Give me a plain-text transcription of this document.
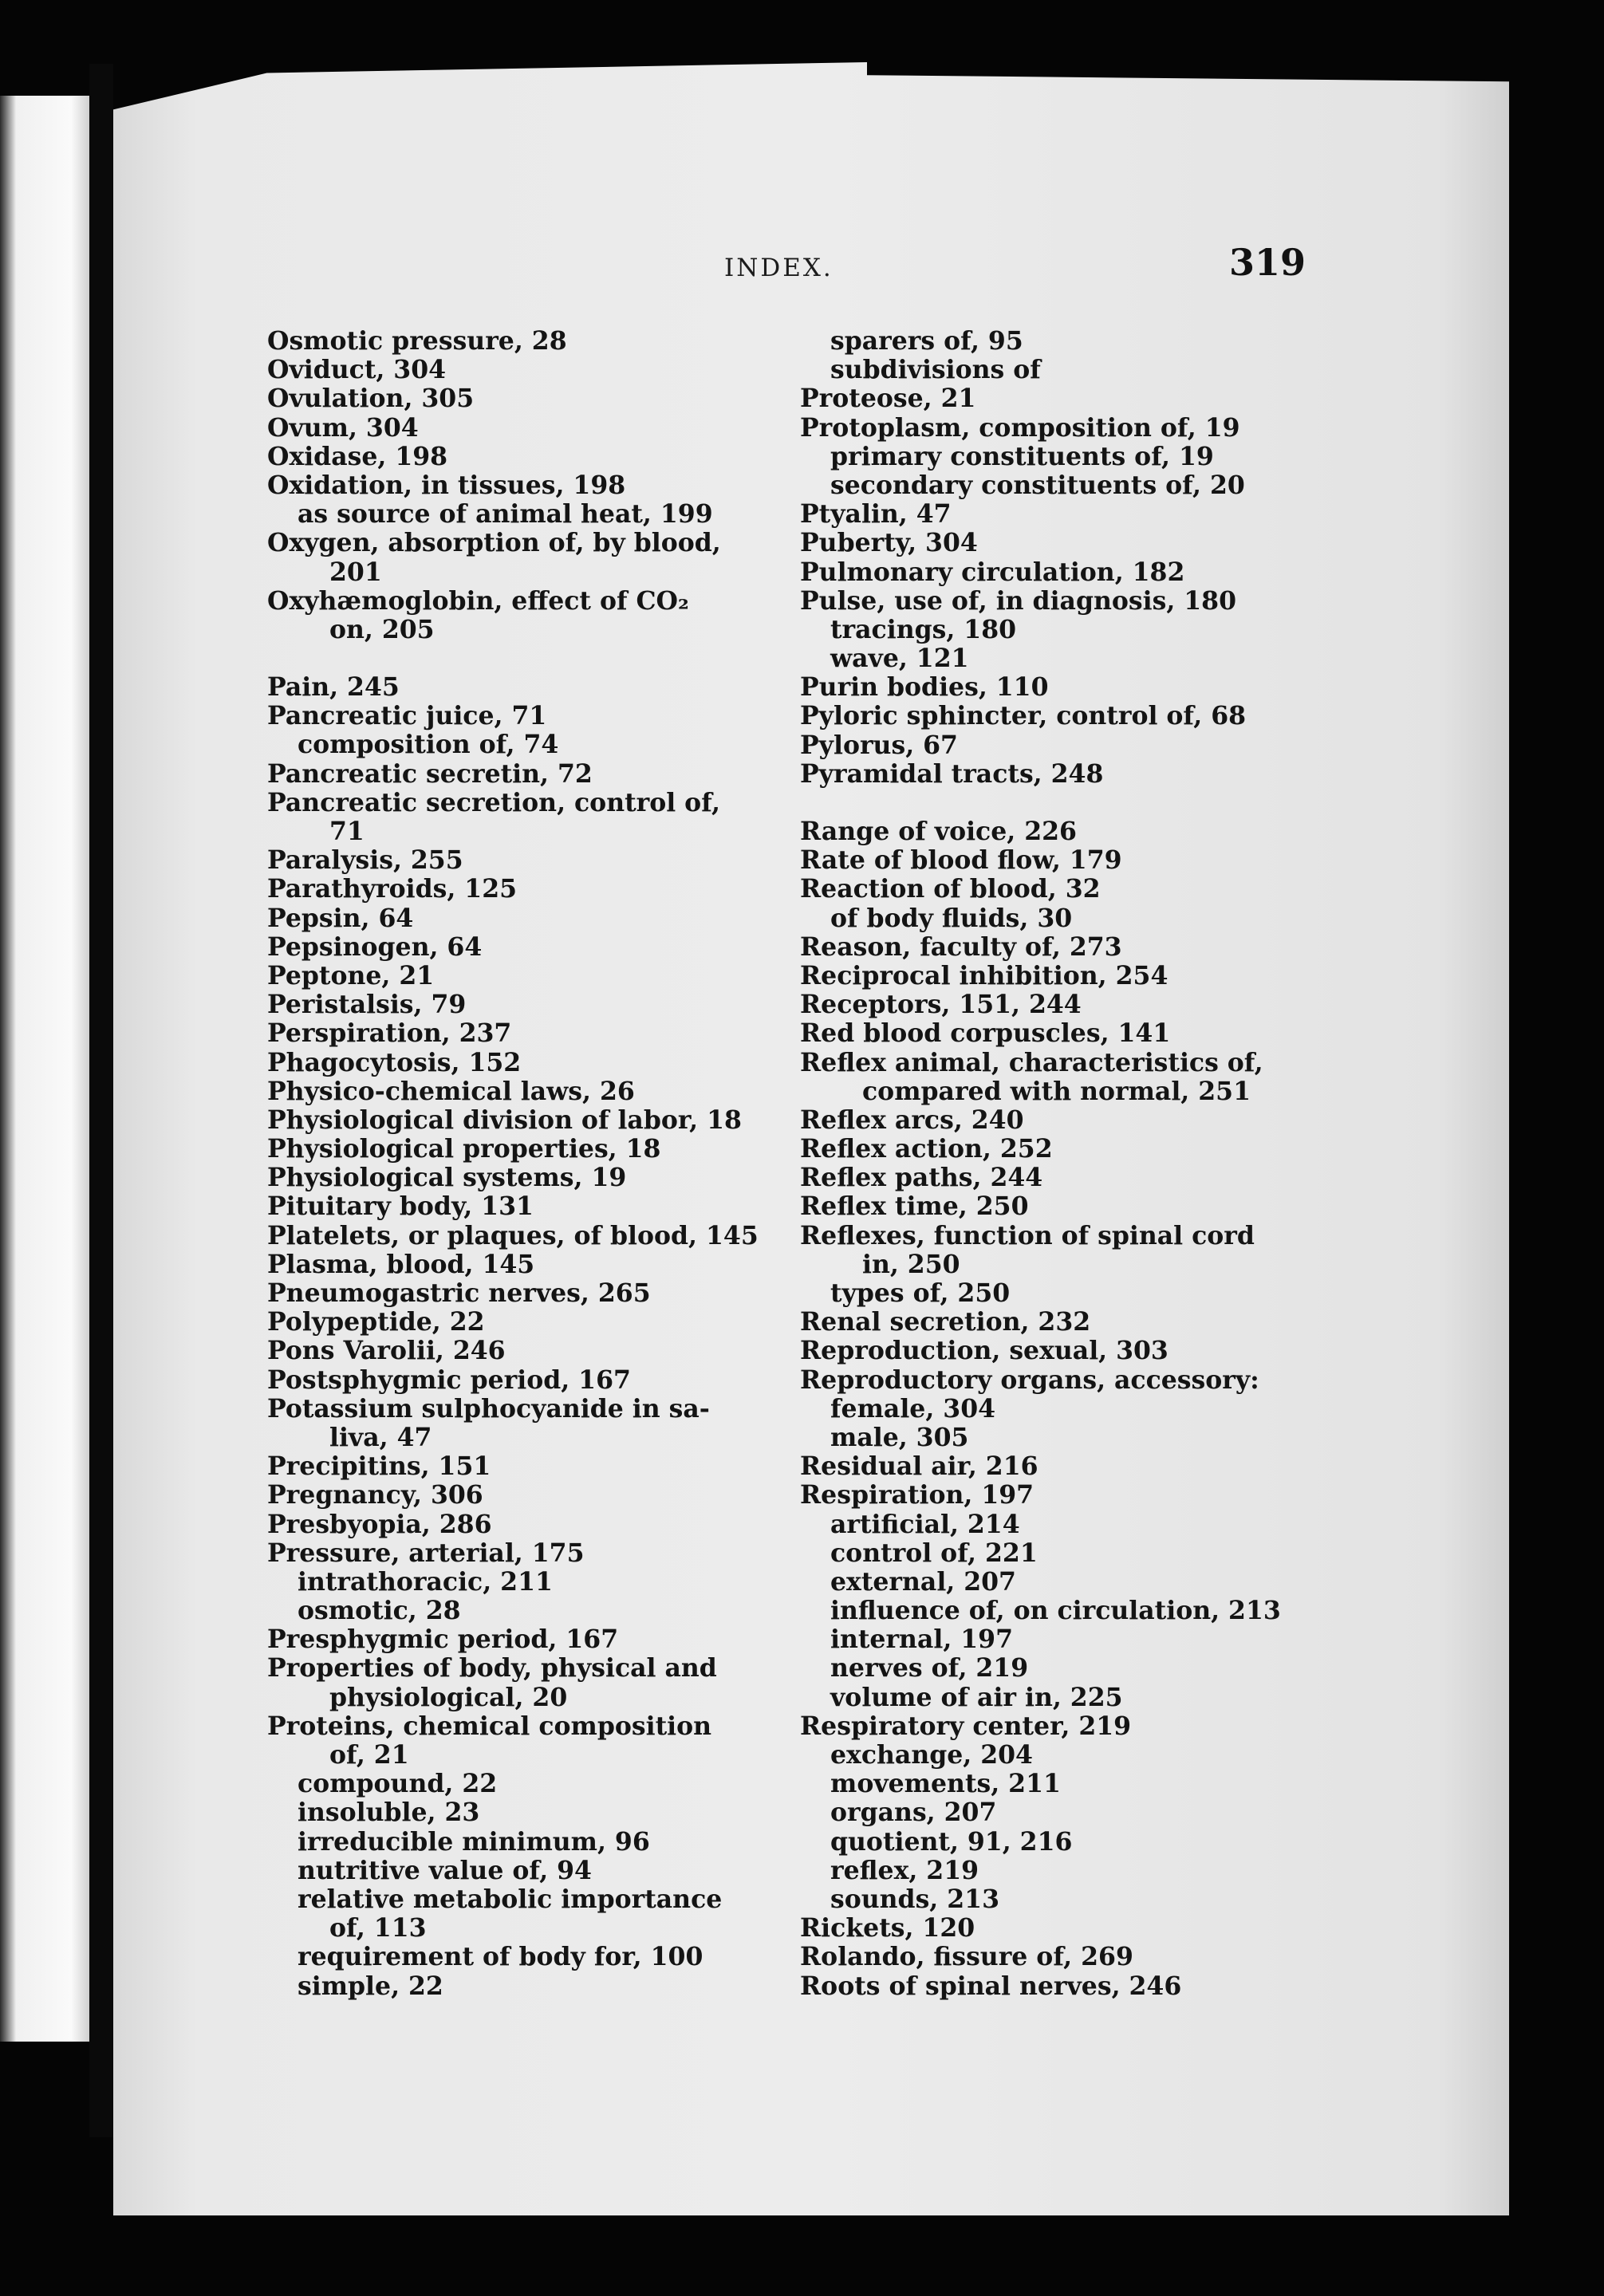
INDEX.	319
Osmotic pressure, 28
Oviduct, 304
Ovulation, 305
Ovum, 304
Oxidase, 198
Oxidation, in tissues, 198
as source of animal heat, 199
Oxygen, absorption of, by blood,
201
Oxyhæmoglobin, effect of CO₂
on, 205
Pain, 245
Pancreatic juice, 71
composition of, 74
Pancreatic secretin, 72
Pancreatic secretion, control of,
71
Paralysis, 255
Parathyroids, 125
Pepsin, 64
Pepsinogen, 64
Peptone, 21
Peristalsis, 79
Perspiration, 237
Phagocytosis, 152
Physico-chemical laws, 26
Physiological division of labor, 18
Physiological properties, 18
Physiological systems, 19
Pituitary body, 131
Platelets, or plaques, of blood, 145
Plasma, blood, 145
Pneumogastric nerves, 265
Polypeptide, 22
Pons Varolii, 246
Postsphygmic period, 167
Potassium sulphocyanide in sa-
liva, 47
Precipitins, 151
Pregnancy, 306
Presbyopia, 286
Pressure, arterial, 175
intrathoracic, 211
osmotic, 28
Presphygmic period, 167
Properties of body, physical and
physiological, 20
Proteins, chemical composition
of, 21
compound, 22
insoluble, 23
irreducible minimum, 96
nutritive value of, 94
relative metabolic importance
of, 113
requirement of body for, 100
simple, 22
sparers of, 95
subdivisions of
Proteose, 21
Protoplasm, composition of, 19
primary constituents of, 19
secondary constituents of, 20
Ptyalin, 47
Puberty, 304
Pulmonary circulation, 182
Pulse, use of, in diagnosis, 180
tracings, 180
wave, 121
Purin bodies, 110
Pyloric sphincter, control of, 68
Pylorus, 67
Pyramidal tracts, 248
Range of voice, 226
Rate of blood flow, 179
Reaction of blood, 32
of body fluids, 30
Reason, faculty of, 273
Reciprocal inhibition, 254
Receptors, 151, 244
Red blood corpuscles, 141
Reflex animal, characteristics of,
compared with normal, 251
Reflex arcs, 240
Reflex action, 252
Reflex paths, 244
Reflex time, 250
Reflexes, function of spinal cord
in, 250
types of, 250
Renal secretion, 232
Reproduction, sexual, 303
Reproductory organs, accessory:
female, 304
male, 305
Residual air, 216
Respiration, 197
artificial, 214
control of, 221
external, 207
influence of, on circulation, 213
internal, 197
nerves of, 219
volume of air in, 225
Respiratory center, 219
exchange, 204
movements, 211
organs, 207
quotient, 91, 216
reflex, 219
sounds, 213
Rickets, 120
Rolando, fissure of, 269
Roots of spinal nerves, 246
